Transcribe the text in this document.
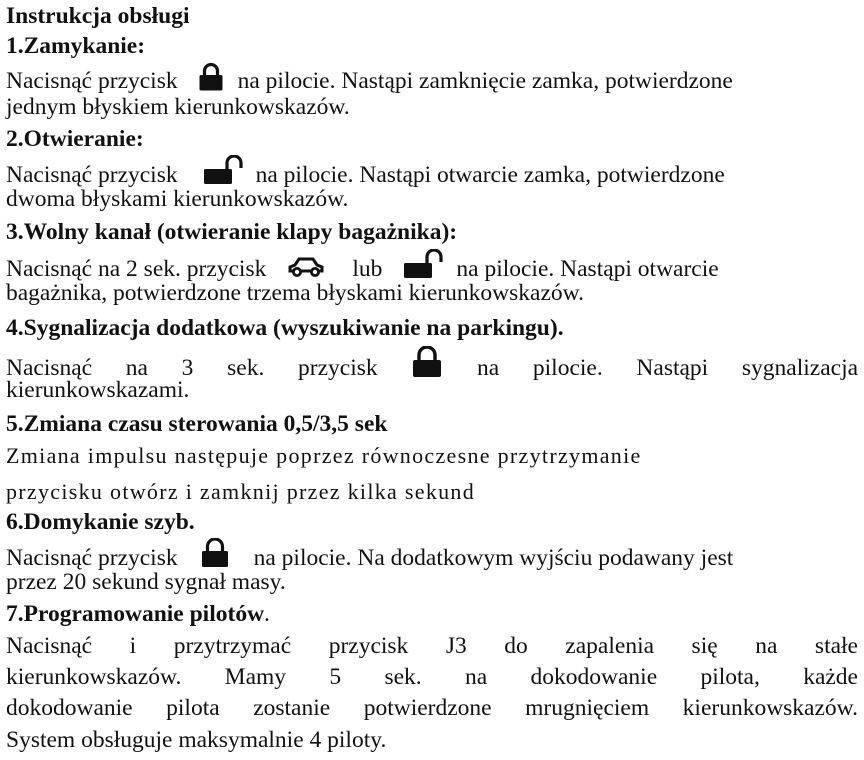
Instrukcja obsługi
1.Zamykanie:
Nacisnąć przycisk	na pilocie. Nastąpi zamknięcie zamka, potwierdzone
jednym błyskiem kierunkowskazów.
2.Otwieranie:
Nacisnąć przycisk	na pilocie. Nastąpi otwarcie zamka, potwierdzone
dwoma błyskami kierunkowskazów.
3.Wolny kanał (otwieranie klapy bagażnika):
Nacisnąć na 2 sek. przycisk	lub	na pilocie. Nastąpi otwarcie
bagażnika, potwierdzone trzema błyskami kierunkowskazów.
4.Sygnalizacja dodatkowa (wyszukiwanie na parkingu).
Nacisnąć na 3 sek. przycisk	na pilocie. Nastąpi sygnalizacja
kierunkowskazami.
5.Zmiana czasu sterowania 0,5/3,5 sek
Zmiana impulsu następuje poprzez równoczesne przytrzymanie
przycisku otwórz i zamknij przez kilka sekund
6.Domykanie szyb.
Nacisnąć przycisk	na pilocie. Na dodatkowym wyjściu podawany jest
przez 20 sekund sygnał masy.
7.Programowanie pilotów.
Nacisnąć i przytrzymać przycisk J3 do zapalenia się na stałe
kierunkowskazów. Mamy 5 sek. na dokodowanie pilota, każde
dokodowanie pilota zostanie potwierdzone mrugnięciem kierunkowskazów.
System obsługuje maksymalnie 4 piloty.
